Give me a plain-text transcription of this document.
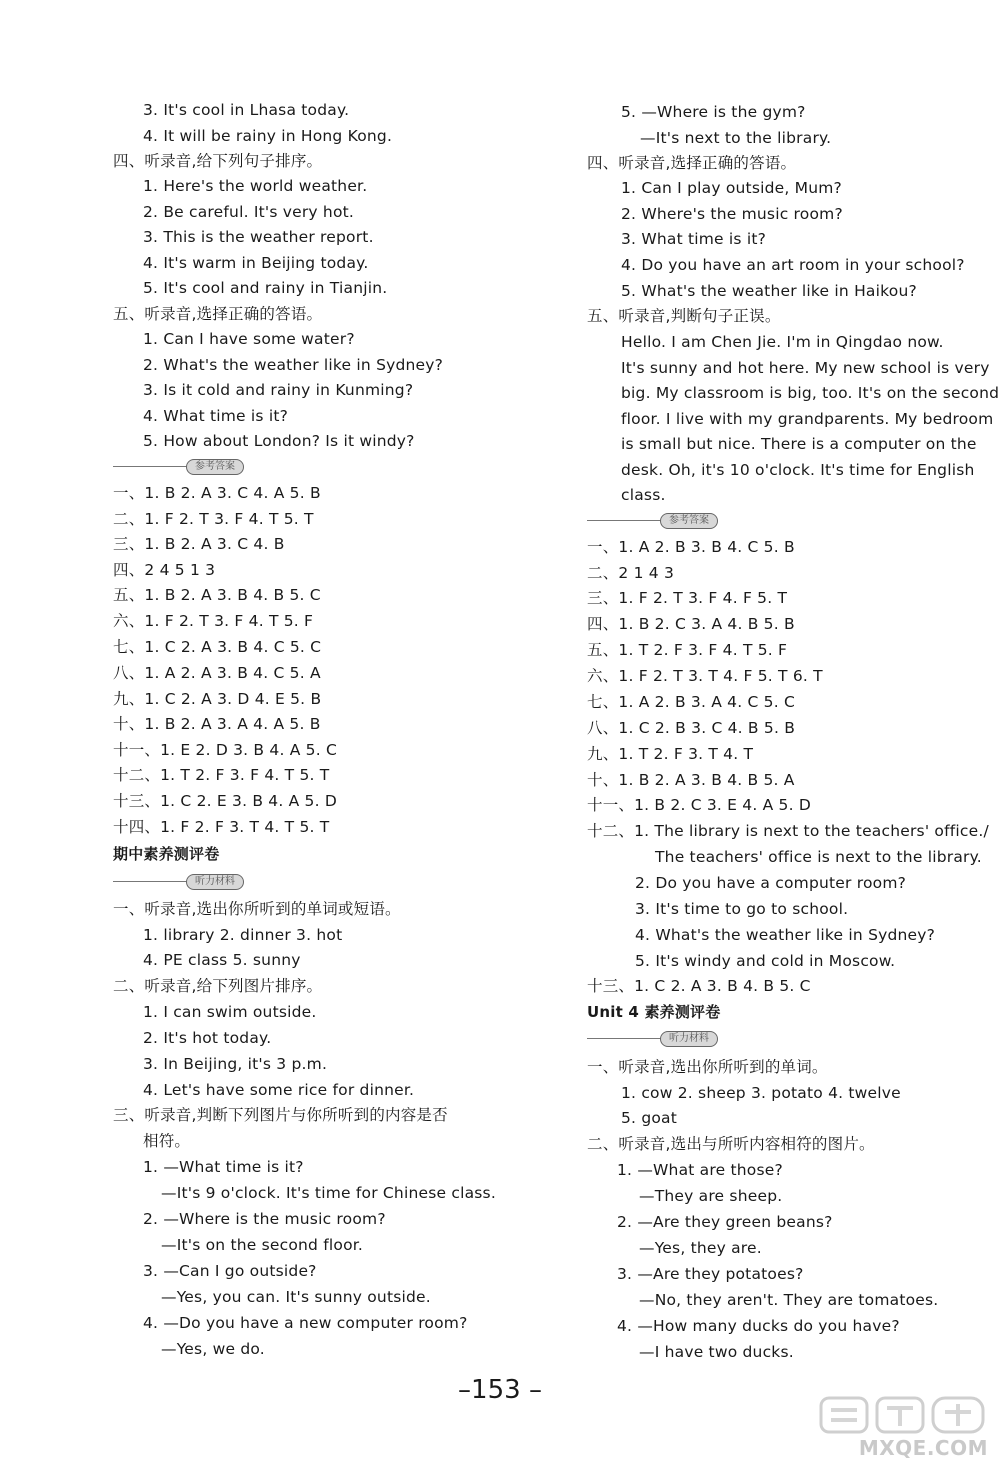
3. It's cool in Lhasa today.
4. It will be rainy in Hong Kong.
四、听录音,给下列句子排序。
1. Here's the world weather.
2. Be careful. It's very hot.
3. This is the weather report.
4. It's warm in Beijing today.
5. It's cool and rainy in Tianjin.
五、听录音,选择正确的答语。
1. Can I have some water?
2. What's the weather like in Sydney?
3. Is it cold and rainy in Kunming?
4. What time is it?
5. How about London? Is it windy?
参考答案
一、1. B 2. A 3. C 4. A 5. B
二、1. F 2. T 3. F 4. T 5. T
三、1. B 2. A 3. C 4. B
四、2 4 5 1 3
五、1. B 2. A 3. B 4. B 5. C
六、1. F 2. T 3. F 4. T 5. F
七、1. C 2. A 3. B 4. C 5. C
八、1. A 2. A 3. B 4. C 5. A
九、1. C 2. A 3. D 4. E 5. B
十、1. B 2. A 3. A 4. A 5. B
十一、1. E 2. D 3. B 4. A 5. C
十二、1. T 2. F 3. F 4. T 5. T
十三、1. C 2. E 3. B 4. A 5. D
十四、1. F 2. F 3. T 4. T 5. T
期中素养测评卷
听力材料
一、听录音,选出你所听到的单词或短语。
1. library 2. dinner 3. hot
4. PE class 5. sunny
二、听录音,给下列图片排序。
1. I can swim outside.
2. It's hot today.
3. In Beijing, it's 3 p.m.
4. Let's have some rice for dinner.
三、听录音,判断下列图片与你所听到的内容是否
相符。
1. —What time is it?
—It's 9 o'clock. It's time for Chinese class.
2. —Where is the music room?
—It's on the second floor.
3. —Can I go outside?
—Yes, you can. It's sunny outside.
4. —Do you have a new computer room?
—Yes, we do.
5. —Where is the gym?
—It's next to the library.
四、听录音,选择正确的答语。
1. Can I play outside, Mum?
2. Where's the music room?
3. What time is it?
4. Do you have an art room in your school?
5. What's the weather like in Haikou?
五、听录音,判断句子正误。
Hello. I am Chen Jie. I'm in Qingdao now.
It's sunny and hot here. My new school is very
big. My classroom is big, too. It's on the second
floor. I live with my grandparents. My bedroom
is small but nice. There is a computer on the
desk. Oh, it's 10 o'clock. It's time for English
class.
参考答案
一、1. A 2. B 3. B 4. C 5. B
二、2 1 4 3
三、1. F 2. T 3. F 4. F 5. T
四、1. B 2. C 3. A 4. B 5. B
五、1. T 2. F 3. F 4. T 5. F
六、1. F 2. T 3. T 4. F 5. T 6. T
七、1. A 2. B 3. A 4. C 5. C
八、1. C 2. B 3. C 4. B 5. B
九、1. T 2. F 3. T 4. T
十、1. B 2. A 3. B 4. B 5. A
十一、1. B 2. C 3. E 4. A 5. D
十二、1. The library is next to the teachers' office./
The teachers' office is next to the library.
2. Do you have a computer room?
3. It's time to go to school.
4. What's the weather like in Sydney?
5. It's windy and cold in Moscow.
十三、1. C 2. A 3. B 4. B 5. C
Unit 4 素养测评卷
听力材料
一、听录音,选出你所听到的单词。
1. cow 2. sheep 3. potato 4. twelve
5. goat
二、听录音,选出与所听内容相符的图片。
1. —What are those?
—They are sheep.
2. —Are they green beans?
—Yes, they are.
3. —Are they potatoes?
—No, they aren't. They are tomatoes.
4. —How many ducks do you have?
—I have two ducks.
–153 –
MXQE.COM
